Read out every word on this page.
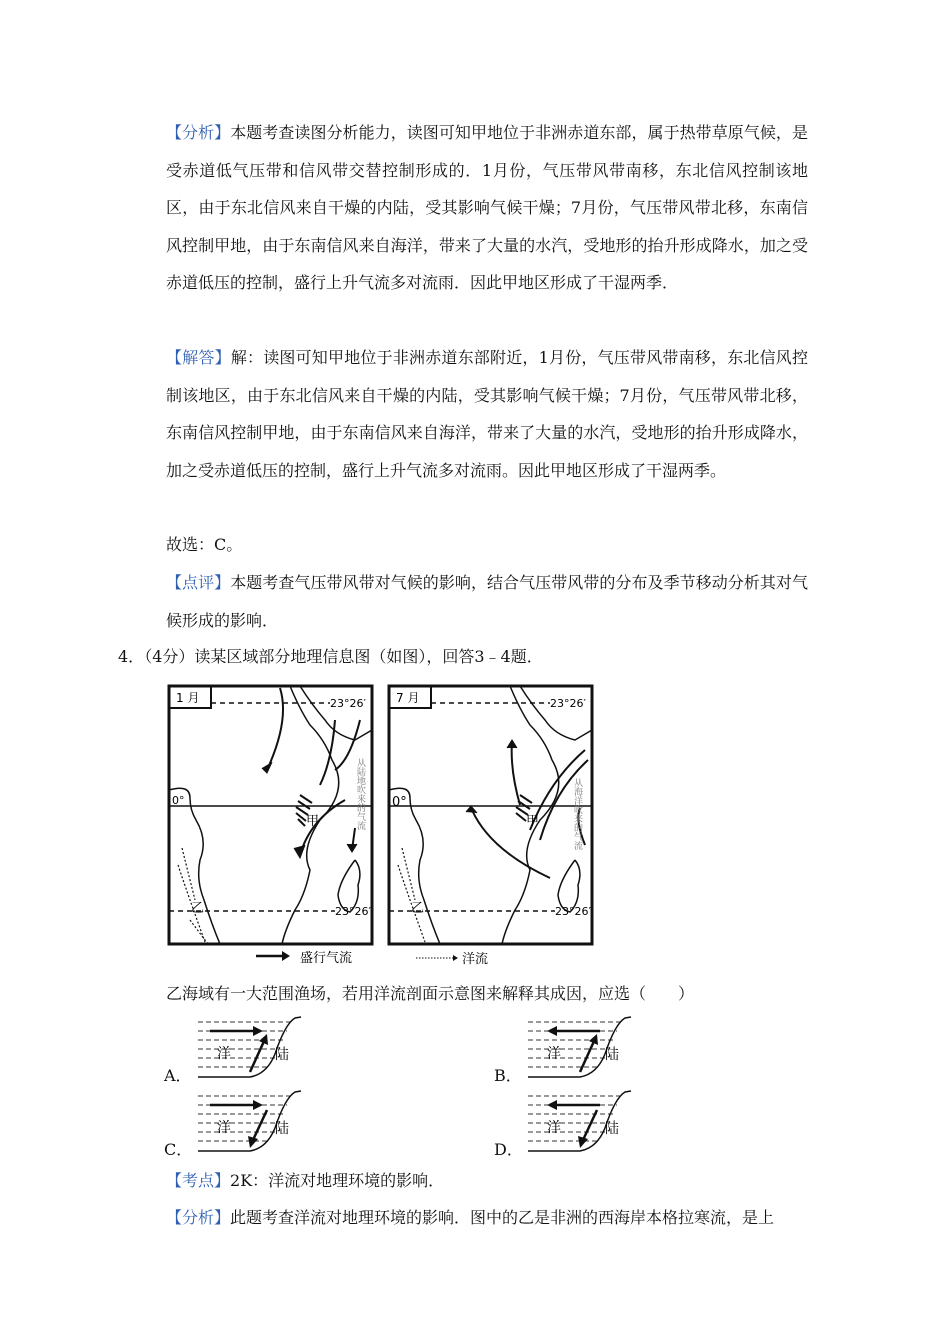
【分析】本题考查读图分析能力，读图可知甲地位于非洲赤道东部，属于热带草原气候，是受赤道低气压带和信风带交替控制形成的．1月份，气压带风带南移，东北信风控制该地区，由于东北信风来自干燥的内陆，受其影响气候干燥；7月份，气压带风带北移，东南信风控制甲地，由于东南信风来自海洋，带来了大量的水汽，受地形的抬升形成降水，加之受赤道低压的控制，盛行上升气流多对流雨．因此甲地区形成了干湿两季．
【解答】解：读图可知甲地位于非洲赤道东部附近，1月份，气压带风带南移，东北信风控制该地区，由于东北信风来自干燥的内陆，受其影响气候干燥；7月份，气压带风带北移，东南信风控制甲地，由于东南信风来自海洋，带来了大量的水汽，受地形的抬升形成降水，加之受赤道低压的控制，盛行上升气流多对流雨。因此甲地区形成了干湿两季。
故选：C。
【点评】本题考查气压带风带对气候的影响，结合气压带风带的分布及季节移动分析其对气候形成的影响．
4．（4分）读某区域部分地理信息图（如图），回答3﹣4题．
1 月	23°26′
0°
23°26′
甲
乙
从陆地吹来的气流
7 月	23°26′
0°
23°26′
甲
乙
从海洋吹来的气流
盛行气流	洋流
乙海域有一大范围渔场，若用洋流剖面示意图来解释其成因，应选（　　）
【考点】2K：洋流对地理环境的影响．
【分析】此题考查洋流对地理环境的影响．图中的乙是非洲的西海岸本格拉寒流，是上
A．	B．
C．	D．
洋	陆	洋	陆
洋	陆	洋	陆
